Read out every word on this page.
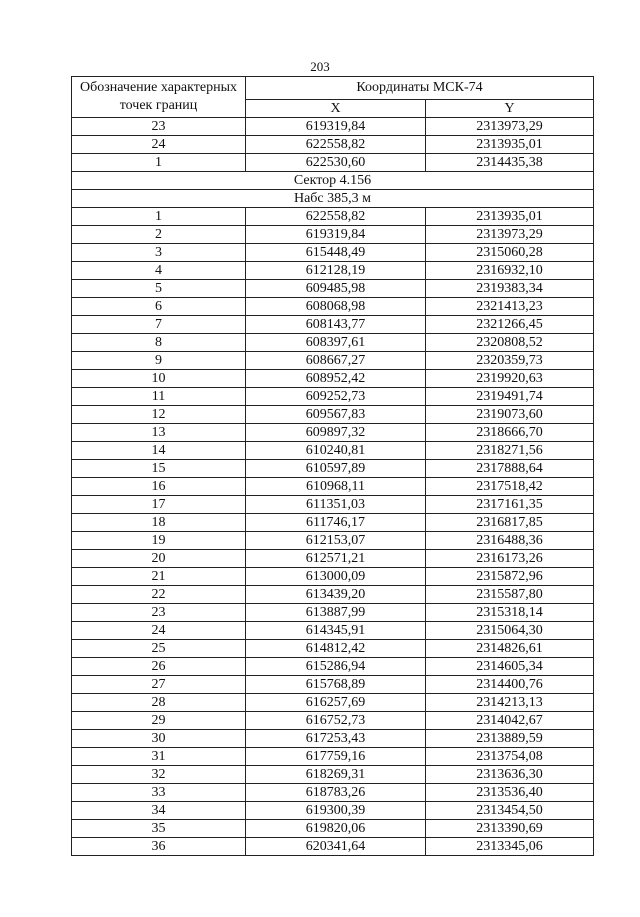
203
Обозначение характерных точек границ	Координаты МСК-74	
	X	Y
23	619319,84	2313973,29
24	622558,82	2313935,01
1	622530,60	2314435,38
Сектор 4.156		
Набс 385,3 м		
1	622558,82	2313935,01
2	619319,84	2313973,29
3	615448,49	2315060,28
4	612128,19	2316932,10
5	609485,98	2319383,34
6	608068,98	2321413,23
7	608143,77	2321266,45
8	608397,61	2320808,52
9	608667,27	2320359,73
10	608952,42	2319920,63
11	609252,73	2319491,74
12	609567,83	2319073,60
13	609897,32	2318666,70
14	610240,81	2318271,56
15	610597,89	2317888,64
16	610968,11	2317518,42
17	611351,03	2317161,35
18	611746,17	2316817,85
19	612153,07	2316488,36
20	612571,21	2316173,26
21	613000,09	2315872,96
22	613439,20	2315587,80
23	613887,99	2315318,14
24	614345,91	2315064,30
25	614812,42	2314826,61
26	615286,94	2314605,34
27	615768,89	2314400,76
28	616257,69	2314213,13
29	616752,73	2314042,67
30	617253,43	2313889,59
31	617759,16	2313754,08
32	618269,31	2313636,30
33	618783,26	2313536,40
34	619300,39	2313454,50
35	619820,06	2313390,69
36	620341,64	2313345,06
